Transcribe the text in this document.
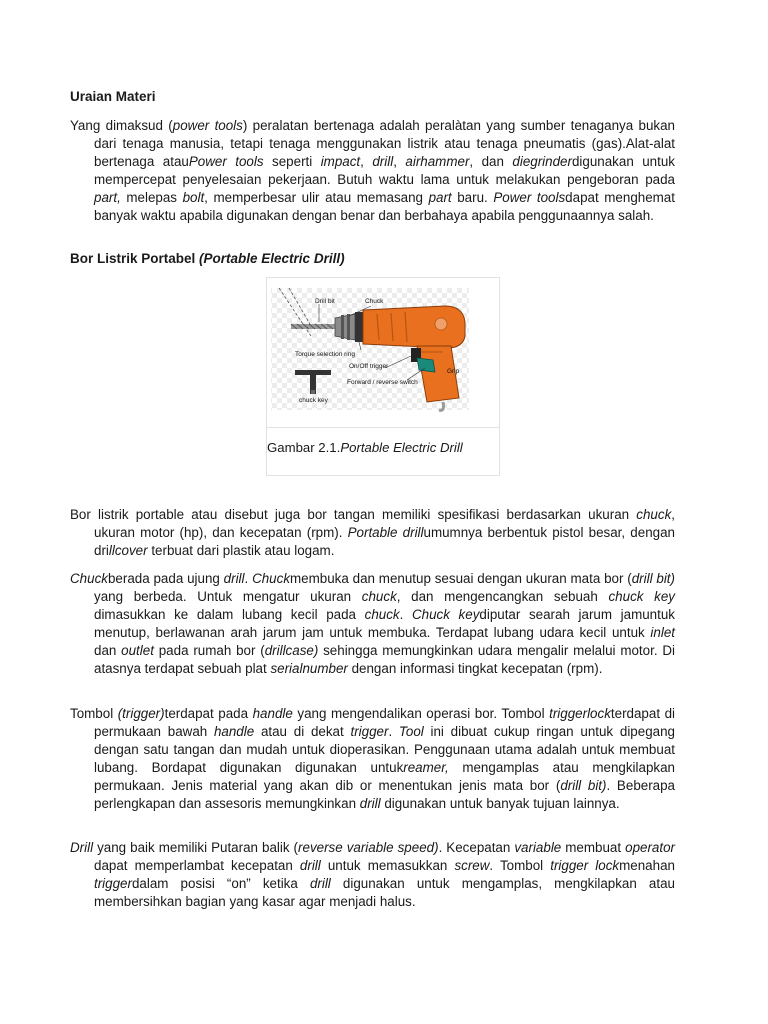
Uraian Materi
Yang dimaksud (power tools) peralatan bertenaga adalah peralàtan yang sumber tenaganya bukan dari tenaga manusia, tetapi tenaga menggunakan listrik atau tenaga pneumatis (gas).Alat-alat bertenaga atauPower tools seperti impact, drill, airhammer, dan diegrinderdigunakan untuk mempercepat penyelesaian pekerjaan. Butuh waktu lama untuk melakukan pengeboran pada part, melepas bolt, memperbesar ulir atau memasang part baru. Power toolsdapat menghemat banyak waktu apabila digunakan dengan benar dan berbahaya apabila penggunaannya salah.
Bor Listrik Portabel (Portable Electric Drill)
Drill bit	Chuck
Torque selection ring
On/Off trigger
Forward / reverse switch
Grip
chuck key
Gambar 2.1.Portable Electric Drill
Bor listrik portable atau disebut juga bor tangan memiliki spesifikasi berdasarkan ukuran chuck, ukuran motor (hp), dan kecepatan (rpm). Portable drillumumnya berbentuk pistol besar, dengan drillcover terbuat dari plastik atau logam.
Chuckberada pada ujung drill. Chuckmembuka dan menutup sesuai dengan ukuran mata bor (drill bit) yang berbeda. Untuk mengatur ukuran chuck, dan mengencangkan sebuah chuck key dimasukkan ke dalam lubang kecil pada chuck. Chuck keydiputar searah jarum jamuntuk menutup, berlawanan arah jarum jam untuk membuka. Terdapat lubang udara kecil untuk inlet dan outlet pada rumah bor (drillcase) sehingga memungkinkan udara mengalir melalui motor. Di atasnya terdapat sebuah plat serialnumber dengan informasi tingkat kecepatan (rpm).
Tombol (trigger)terdapat pada handle yang mengendalikan operasi bor. Tombol triggerlockterdapat di permukaan bawah handle atau di dekat trigger. Tool ini dibuat cukup ringan untuk dipegang dengan satu tangan dan mudah untuk dioperasikan. Penggunaan utama adalah untuk membuat lubang. Bordapat digunakan digunakan untukreamer, mengamplas atau mengkilapkan permukaan. Jenis material yang akan dib or menentukan jenis mata bor (drill bit). Beberapa perlengkapan dan assesoris memungkinkan drill digunakan untuk banyak tujuan lainnya.
Drill yang baik memiliki Putaran balik (reverse variable speed). Kecepatan variable membuat operator dapat memperlambat kecepatan drill untuk memasukkan screw. Tombol trigger lockmenahan triggerdalam posisi “on” ketika drill digunakan untuk mengamplas, mengkilapkan atau membersihkan bagian yang kasar agar menjadi halus.
